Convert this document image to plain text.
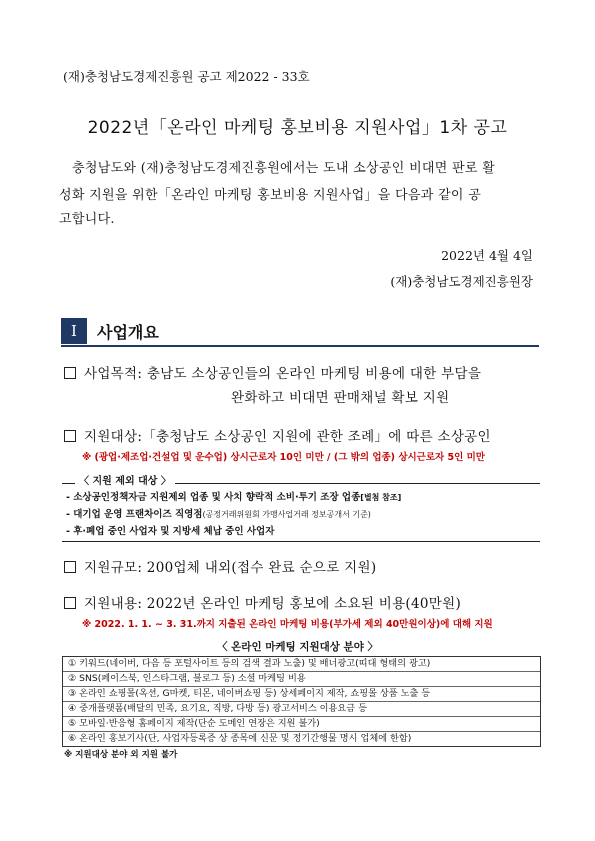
(재)충청남도경제진흥원 공고 제2022 - 33호
2022년「온라인 마케팅 홍보비용 지원사업」1차 공고
충청남도와 (재)충청남도경제진흥원에서는 도내 소상공인 비대면 판로 활
성화 지원을 위한「온라인 마케팅 홍보비용 지원사업」을 다음과 같이 공
고합니다.
2022년 4월 4일
(재)충청남도경제진흥원장
I	사업개요
사업목적: 충남도 소상공인들의 온라인 마케팅 비용에 대한 부담을
완화하고 비대면 판매채널 확보 지원
지원대상:「충청남도 소상공인 지원에 관한 조례」에 따른 소상공인
※ (광업·제조업·건설업 및 운수업) 상시근로자 10인 미만 / (그 밖의 업종) 상시근로자 5인 미만
〈 지원 제외 대상 〉
- 소상공인정책자금 지원제외 업종 및 사치 향락적 소비·투기 조장 업종[별첨 참조]
- 대기업 운영 프랜차이즈 직영점(공정거래위원회 가맹사업거래 정보공개서 기준)
- 후·폐업 중인 사업자 및 지방세 체납 중인 사업자
지원규모: 200업체 내외(접수 완료 순으로 지원)
지원내용: 2022년 온라인 마케팅 홍보에 소요된 비용(40만원)
※ 2022. 1. 1. ~ 3. 31.까지 지출된 온라인 마케팅 비용(부가세 제외 40만원이상)에 대해 지원
〈 온라인 마케팅 지원대상 분야 〉
① 키워드(네이버, 다음 등 포털사이트 등의 검색 결과 노출) 및 배너광고(띠대 형태의 광고)
② SNS(페이스북, 인스타그램, 블로그 등) 소셜 마케팅 비용
③ 온라인 쇼핑몰(옥션, G마켓, 티몬, 네이버쇼핑 등) 상세페이지 제작, 쇼핑몰 상품 노출 등
④ 중개플랫폼(배달의 민족, 요기요, 직방, 다방 등) 광고서비스 이용요금 등
⑤ 모바일·반응형 홈페이지 제작(단순 도메인 연장은 지원 불가)
⑥ 온라인 홍보기사(단, 사업자등록증 상 종목에 신문 및 정기간행물 명시 업체에 한함)
※ 지원대상 분야 외 지원 불가
